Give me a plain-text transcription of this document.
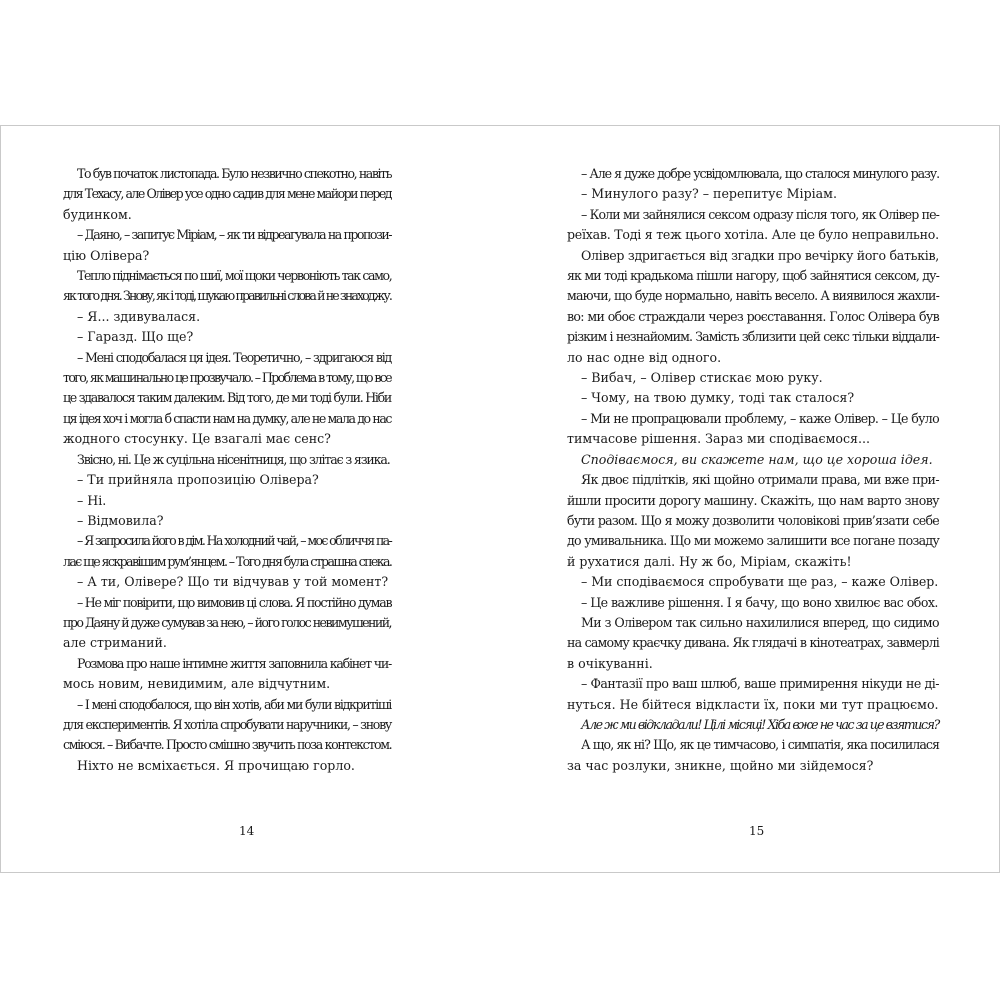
То був початок листопада. Було незвично спекотно, навіть

для Техасу, але Олівер усе одно садив для мене майори перед

будинком.

– Даяно, – запитує Міріам, – як ти відреагувала на пропози-

цію Олівера?

Тепло піднімається по шиї, мої щоки червоніють так само,

як того дня. Знову, як і тоді, шукаю правильні слова й не знаходжу.

– Я... здивувалася.

– Гаразд. Що ще?

– Мені сподобалася ця ідея. Теоретично, – здригаюся від

того, як машинально це прозвучало. – Проблема в тому, що все

це здавалося таким далеким. Від того, де ми тоді були. Ніби

ця ідея хоч і могла б спасти нам на думку, але не мала до нас

жодного стосунку. Це взагалі має сенс?

Звісно, ні. Це ж суцільна нісенітниця, що злітає з язика.

– Ти прийняла пропозицію Олівера?

– Ні.

– Відмовила?

– Я запросила його в дім. На холодний чай, – моє обличчя па-

лає ще яскравішим рум’янцем. – Того дня була страшна спека.

– А ти, Олівере? Що ти відчував у той момент?

– Не міг повірити, що вимовив ці слова. Я постійно думав

про Даяну й дуже сумував за нею, – його голос невимушений,

але стриманий.

Розмова про наше інтимне життя заповнила кабінет чи-

мось новим, невидимим, але відчутним.

– І мені сподобалося, що він хотів, аби ми були відкритіші

для експериментів. Я хотіла спробувати наручники, – знову

сміюся. – Вибачте. Просто смішно звучить поза контекстом.

Ніхто не всміхається. Я прочищаю горло.

– Але я дуже добре усвідомлювала, що сталося минулого разу.

– Минулого разу? – перепитує Міріам.

– Коли ми зайнялися сексом одразу після того, як Олівер пе-

реїхав. Тоді я теж цього хотіла. Але це було неправильно.

Олівер здригається від згадки про вечірку його батьків,

як ми тоді крадькома пішли нагору, щоб зайнятися сексом, ду-

маючи, що буде нормально, навіть весело. А виявилося жахли-

во: ми обоє страждали через роєставання. Голос Олівера був

різким і незнайомим. Замість зблизити цей секс тільки віддали-

ло нас одне від одного.

– Вибач, – Олівер стискає мою руку.

– Чому, на твою думку, тоді так сталося?

– Ми не пропрацювали проблему, – каже Олівер. – Це було

тимчасове рішення. Зараз ми сподіваємося...

Сподіваємося, ви скажете нам, що це хороша ідея.

Як двоє підлітків, які щойно отримали права, ми вже при-

йшли просити дорогу машину. Скажіть, що нам варто знову

бути разом. Що я можу дозволити чоловікові прив’язати себе

до умивальника. Що ми можемо залишити все погане позаду

й рухатися далі. Ну ж бо, Міріам, скажіть!

– Ми сподіваємося спробувати ще раз, – каже Олівер.

– Це важливе рішення. І я бачу, що воно хвилює вас обох.

Ми з Олівером так сильно нахилилися вперед, що сидимо

на самому краєчку дивана. Як глядачі в кінотеатрах, завмерлі

в очікуванні.

– Фантазії про ваш шлюб, ваше примирення нікуди не ді-

нуться. Не бійтеся відкласти їх, поки ми тут працюємо.

Але ж ми відкладали! Цілі місяці! Хіба вже не час за це взятися?

А що, як ні? Що, як це тимчасово, і симпатія, яка посилилася

за час розлуки, зникне, щойно ми зійдемося?

14	15
